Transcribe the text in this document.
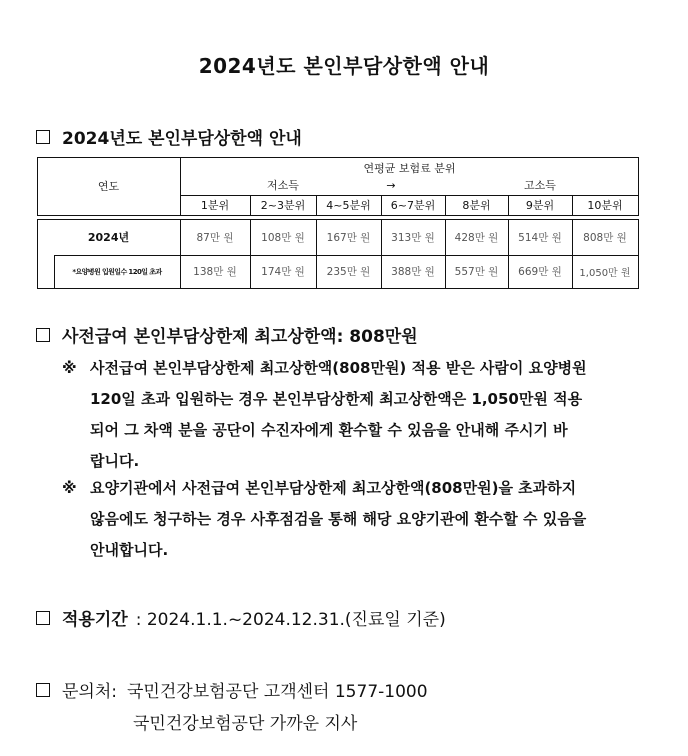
2024년도 본인부담상한액 안내
2024년도 본인부담상한액 안내
연도
연평균 보험료 분위
저소득	→	고소득
1분위	2~3분위	4~5분위	6~7분위	8분위	9분위	10분위
2024년	87만 원	108만 원	167만 원	313만 원	428만 원	514만 원	808만 원
*요양병원 입원일수 120일 초과	138만 원	174만 원	235만 원	388만 원	557만 원	669만 원	1,050만 원
사전급여 본인부담상한제 최고상한액: 808만원
※ 사전급여 본인부담상한제 최고상한액(808만원) 적용 받은 사람이 요양병원
120일 초과 입원하는 경우 본인부담상한제 최고상한액은 1,050만원 적용
되어 그 차액 분을 공단이 수진자에게 환수할 수 있음을 안내해 주시기 바
랍니다.
※ 요양기관에서 사전급여 본인부담상한제 최고상한액(808만원)을 초과하지
않음에도 청구하는 경우 사후점검을 통해 해당 요양기관에 환수할 수 있음을
안내합니다.
적용기간 : 2024.1.1.~2024.12.31.(진료일 기준)
문의처: 국민건강보험공단 고객센터 1577-1000
국민건강보험공단 가까운 지사
